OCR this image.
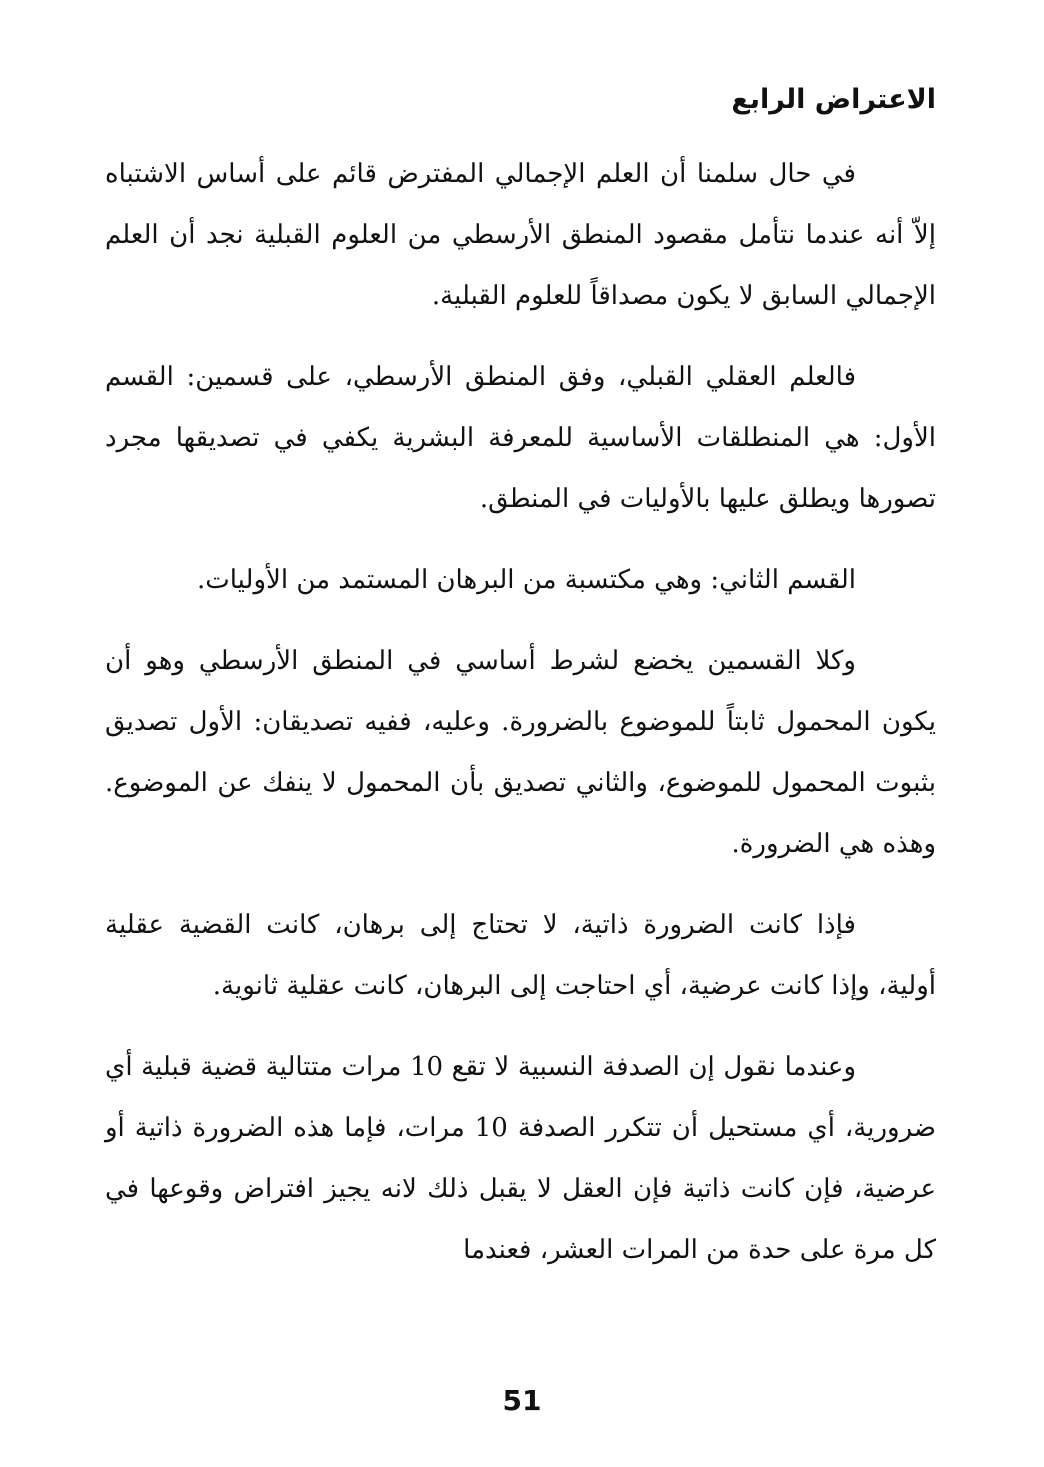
الاعتراض الرابع

في حال سلمنا أن العلم الإجمالي المفترض قائم على أساس الاشتباه إلاّ أنه عندما نتأمل مقصود المنطق الأرسطي من العلوم القبلية نجد أن العلم الإجمالي السابق لا يكون مصداقاً للعلوم القبلية.

فالعلم العقلي القبلي، وفق المنطق الأرسطي، على قسمين: القسم الأول: هي المنطلقات الأساسية للمعرفة البشرية يكفي في تصديقها مجرد تصورها ويطلق عليها بالأوليات في المنطق.

القسم الثاني: وهي مكتسبة من البرهان المستمد من الأوليات.

وكلا القسمين يخضع لشرط أساسي في المنطق الأرسطي وهو أن يكون المحمول ثابتاً للموضوع بالضرورة. وعليه، ففيه تصديقان: الأول تصديق بثبوت المحمول للموضوع، والثاني تصديق بأن المحمول لا ينفك عن الموضوع. وهذه هي الضرورة.

فإذا كانت الضرورة ذاتية، لا تحتاج إلى برهان، كانت القضية عقلية أولية، وإذا كانت عرضية، أي احتاجت إلى البرهان، كانت عقلية ثانوية.

وعندما نقول إن الصدفة النسبية لا تقع 10 مرات متتالية قضية قبلية أي ضرورية، أي مستحيل أن تتكرر الصدفة 10 مرات، فإما هذه الضرورة ذاتية أو عرضية، فإن كانت ذاتية فإن العقل لا يقبل ذلك لانه يجيز افتراض وقوعها في كل مرة على حدة من المرات العشر، فعندما

51
